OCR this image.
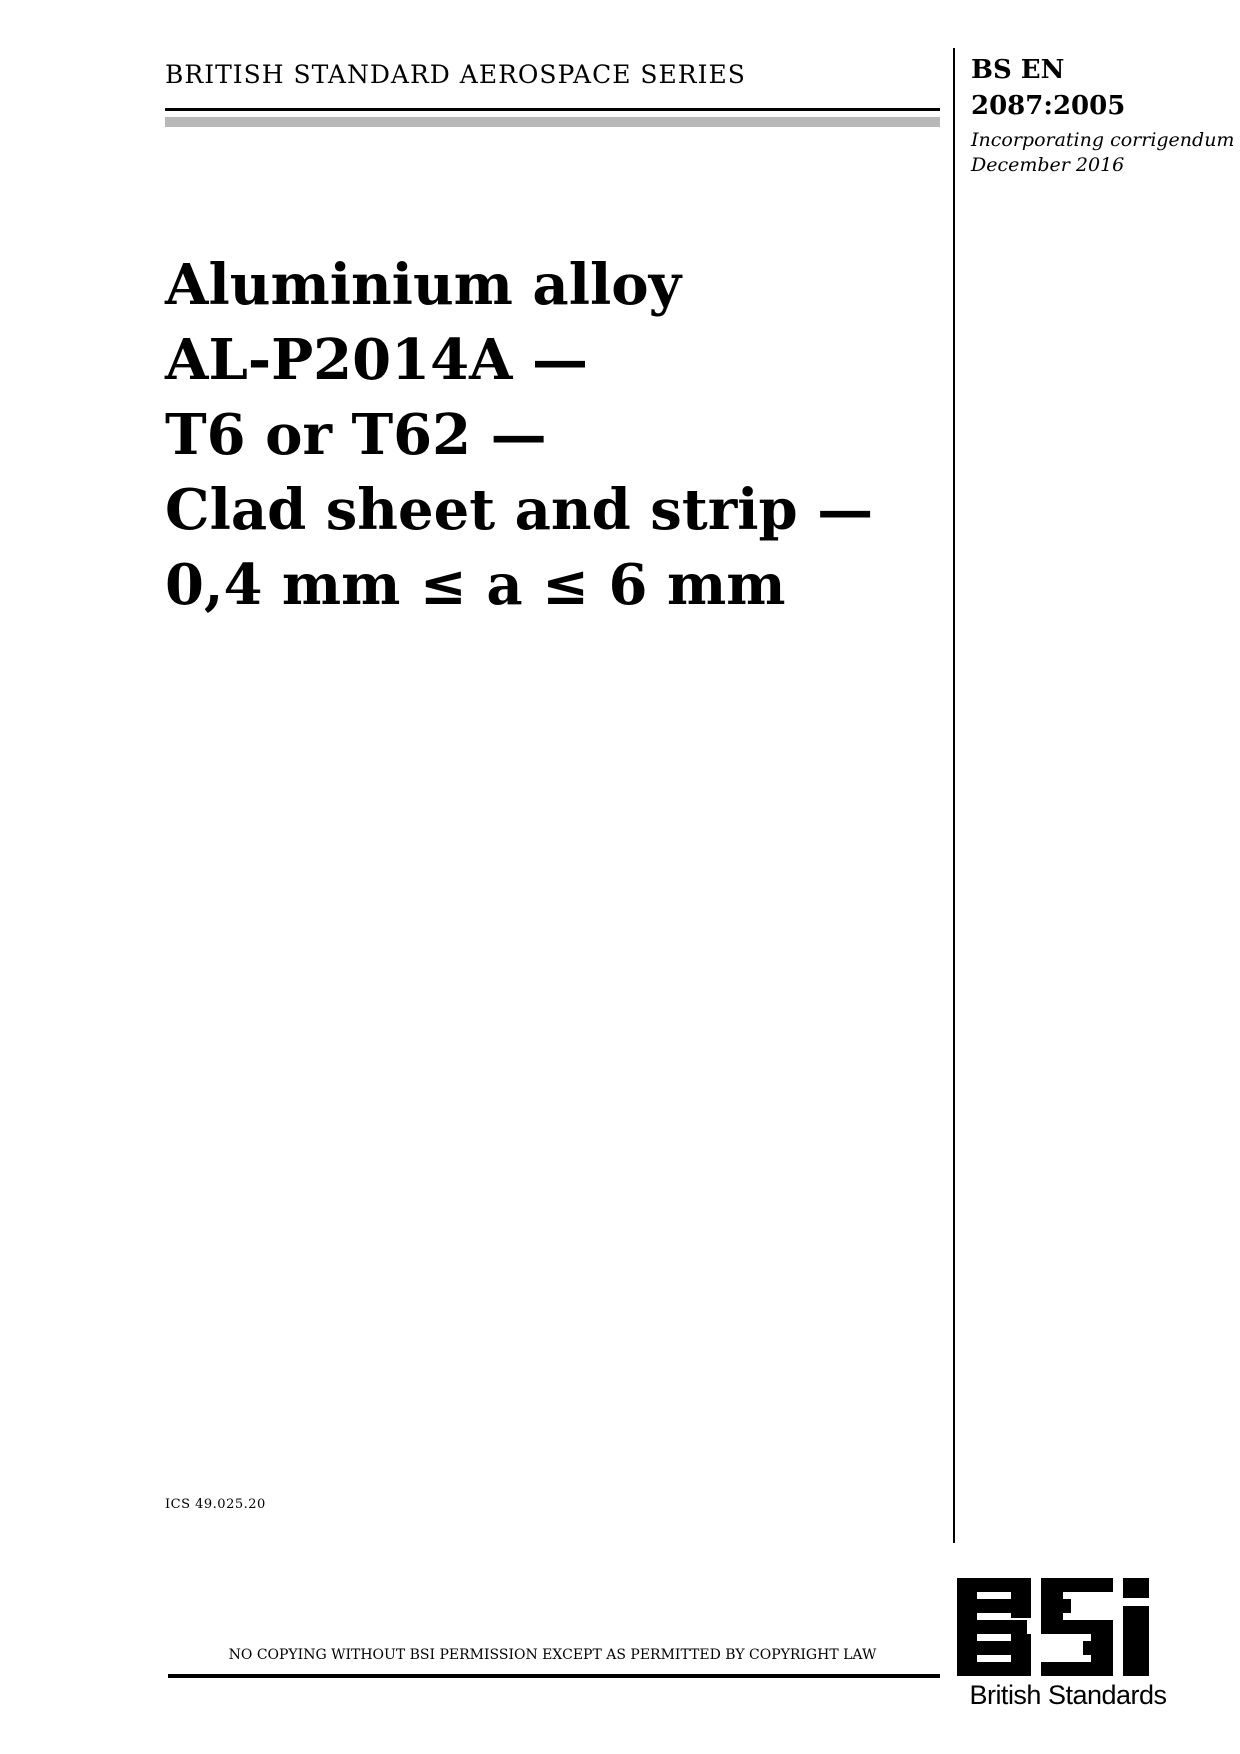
BRITISH STANDARD AEROSPACE SERIES	BS EN
2087:2005
Incorporating corrigendum
December 2016
Aluminium alloy
AL-P2014A —
T6 or T62 —
Clad sheet and strip —
0,4 mm ≤ a ≤ 6 mm
ICS 49.025.20
NO COPYING WITHOUT BSI PERMISSION EXCEPT AS PERMITTED BY COPYRIGHT LAW
British Standards
